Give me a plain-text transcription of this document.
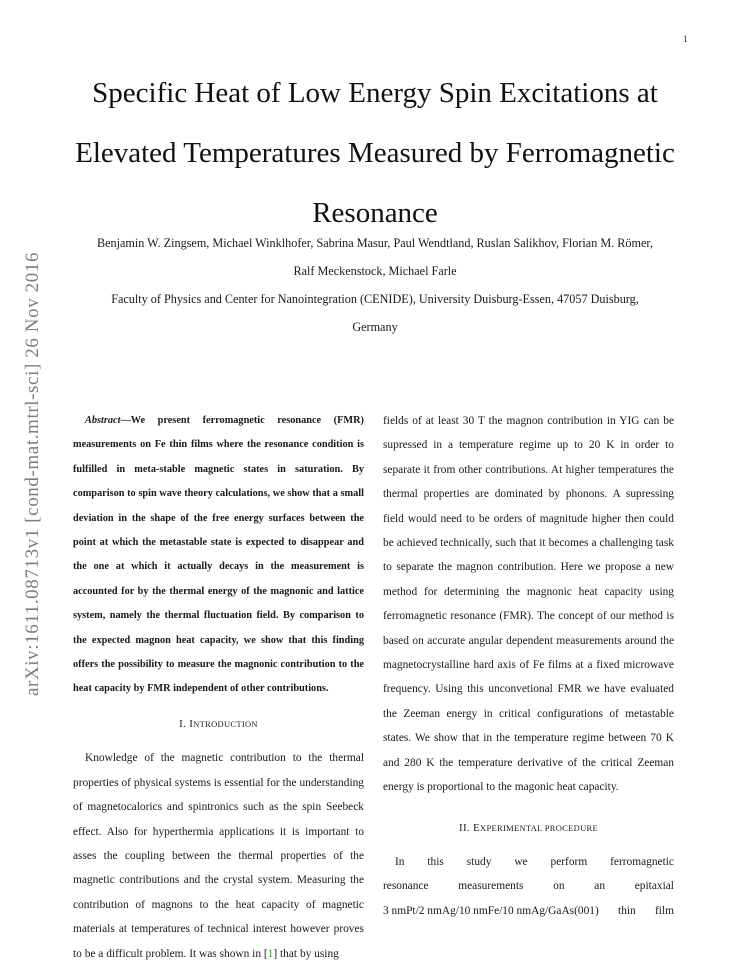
1
arXiv:1611.08713v1 [cond-mat.mtrl-sci] 26 Nov 2016
Specific Heat of Low Energy Spin Excitations at
Elevated Temperatures Measured by Ferromagnetic
Resonance
Benjamin W. Zingsem, Michael Winklhofer, Sabrina Masur, Paul Wendtland, Ruslan Salikhov, Florian M. Römer,
Ralf Meckenstock, Michael Farle
Faculty of Physics and Center for Nanointegration (CENIDE), University Duisburg-Essen, 47057 Duisburg,
Germany

Abstract—We present ferromagnetic resonance (FMR) measurements on Fe thin films where the resonance condition is fulfilled in meta-stable magnetic states in saturation. By comparison to spin wave theory calculations, we show that a small deviation in the shape of the free energy surfaces between the point at which the metastable state is expected to disappear and the one at which it actually decays in the measurement is accounted for by the thermal energy of the magnonic and lattice system, namely the thermal fluctuation field. By comparison to the expected magnon heat capacity, we show that this finding offers the possibility to measure the magnonic contribution to the heat capacity by FMR independent of other contributions.

I. INTRODUCTION

Knowledge of the magnetic contribution to the thermal properties of physical systems is essential for the understanding of magnetocalorics and spintronics such as the spin Seebeck effect. Also for hyperthermia applications it is important to asses the coupling between the thermal properties of the magnetic contributions and the crystal system. Measuring the contribution of magnons to the heat capacity of magnetic materials at temperatures of technical interest however proves to be a difficult problem. It was shown in [1] that by using

fields of at least 30 T the magnon contribution in YIG can be supressed in a temperature regime up to 20 K in order to separate it from other contributions. At higher temperatures the thermal properties are dominated by phonons. A supressing field would need to be orders of magnitude higher then could be achieved technically, such that it becomes a challenging task to separate the magnon contribution. Here we propose a new method for determining the magnonic heat capacity using ferromagnetic resonance (FMR). The concept of our method is based on accurate angular dependent measurements around the magnetocrystalline hard axis of Fe films at a fixed microwave frequency. Using this unconvetional FMR we have evaluated the Zeeman energy in critical configurations of metastable states. We show that in the temperature regime between 70 K and 280 K the temperature derivative of the critical Zeeman energy is proportional to the magonic heat capacity.

II. EXPERIMENTAL PROCEDURE
In this study we perform ferromagnetic
resonance	measurements	on	an	epitaxial
3 nmPt/2 nmAg/10 nmFe/10 nmAg/GaAs(001) thin film
